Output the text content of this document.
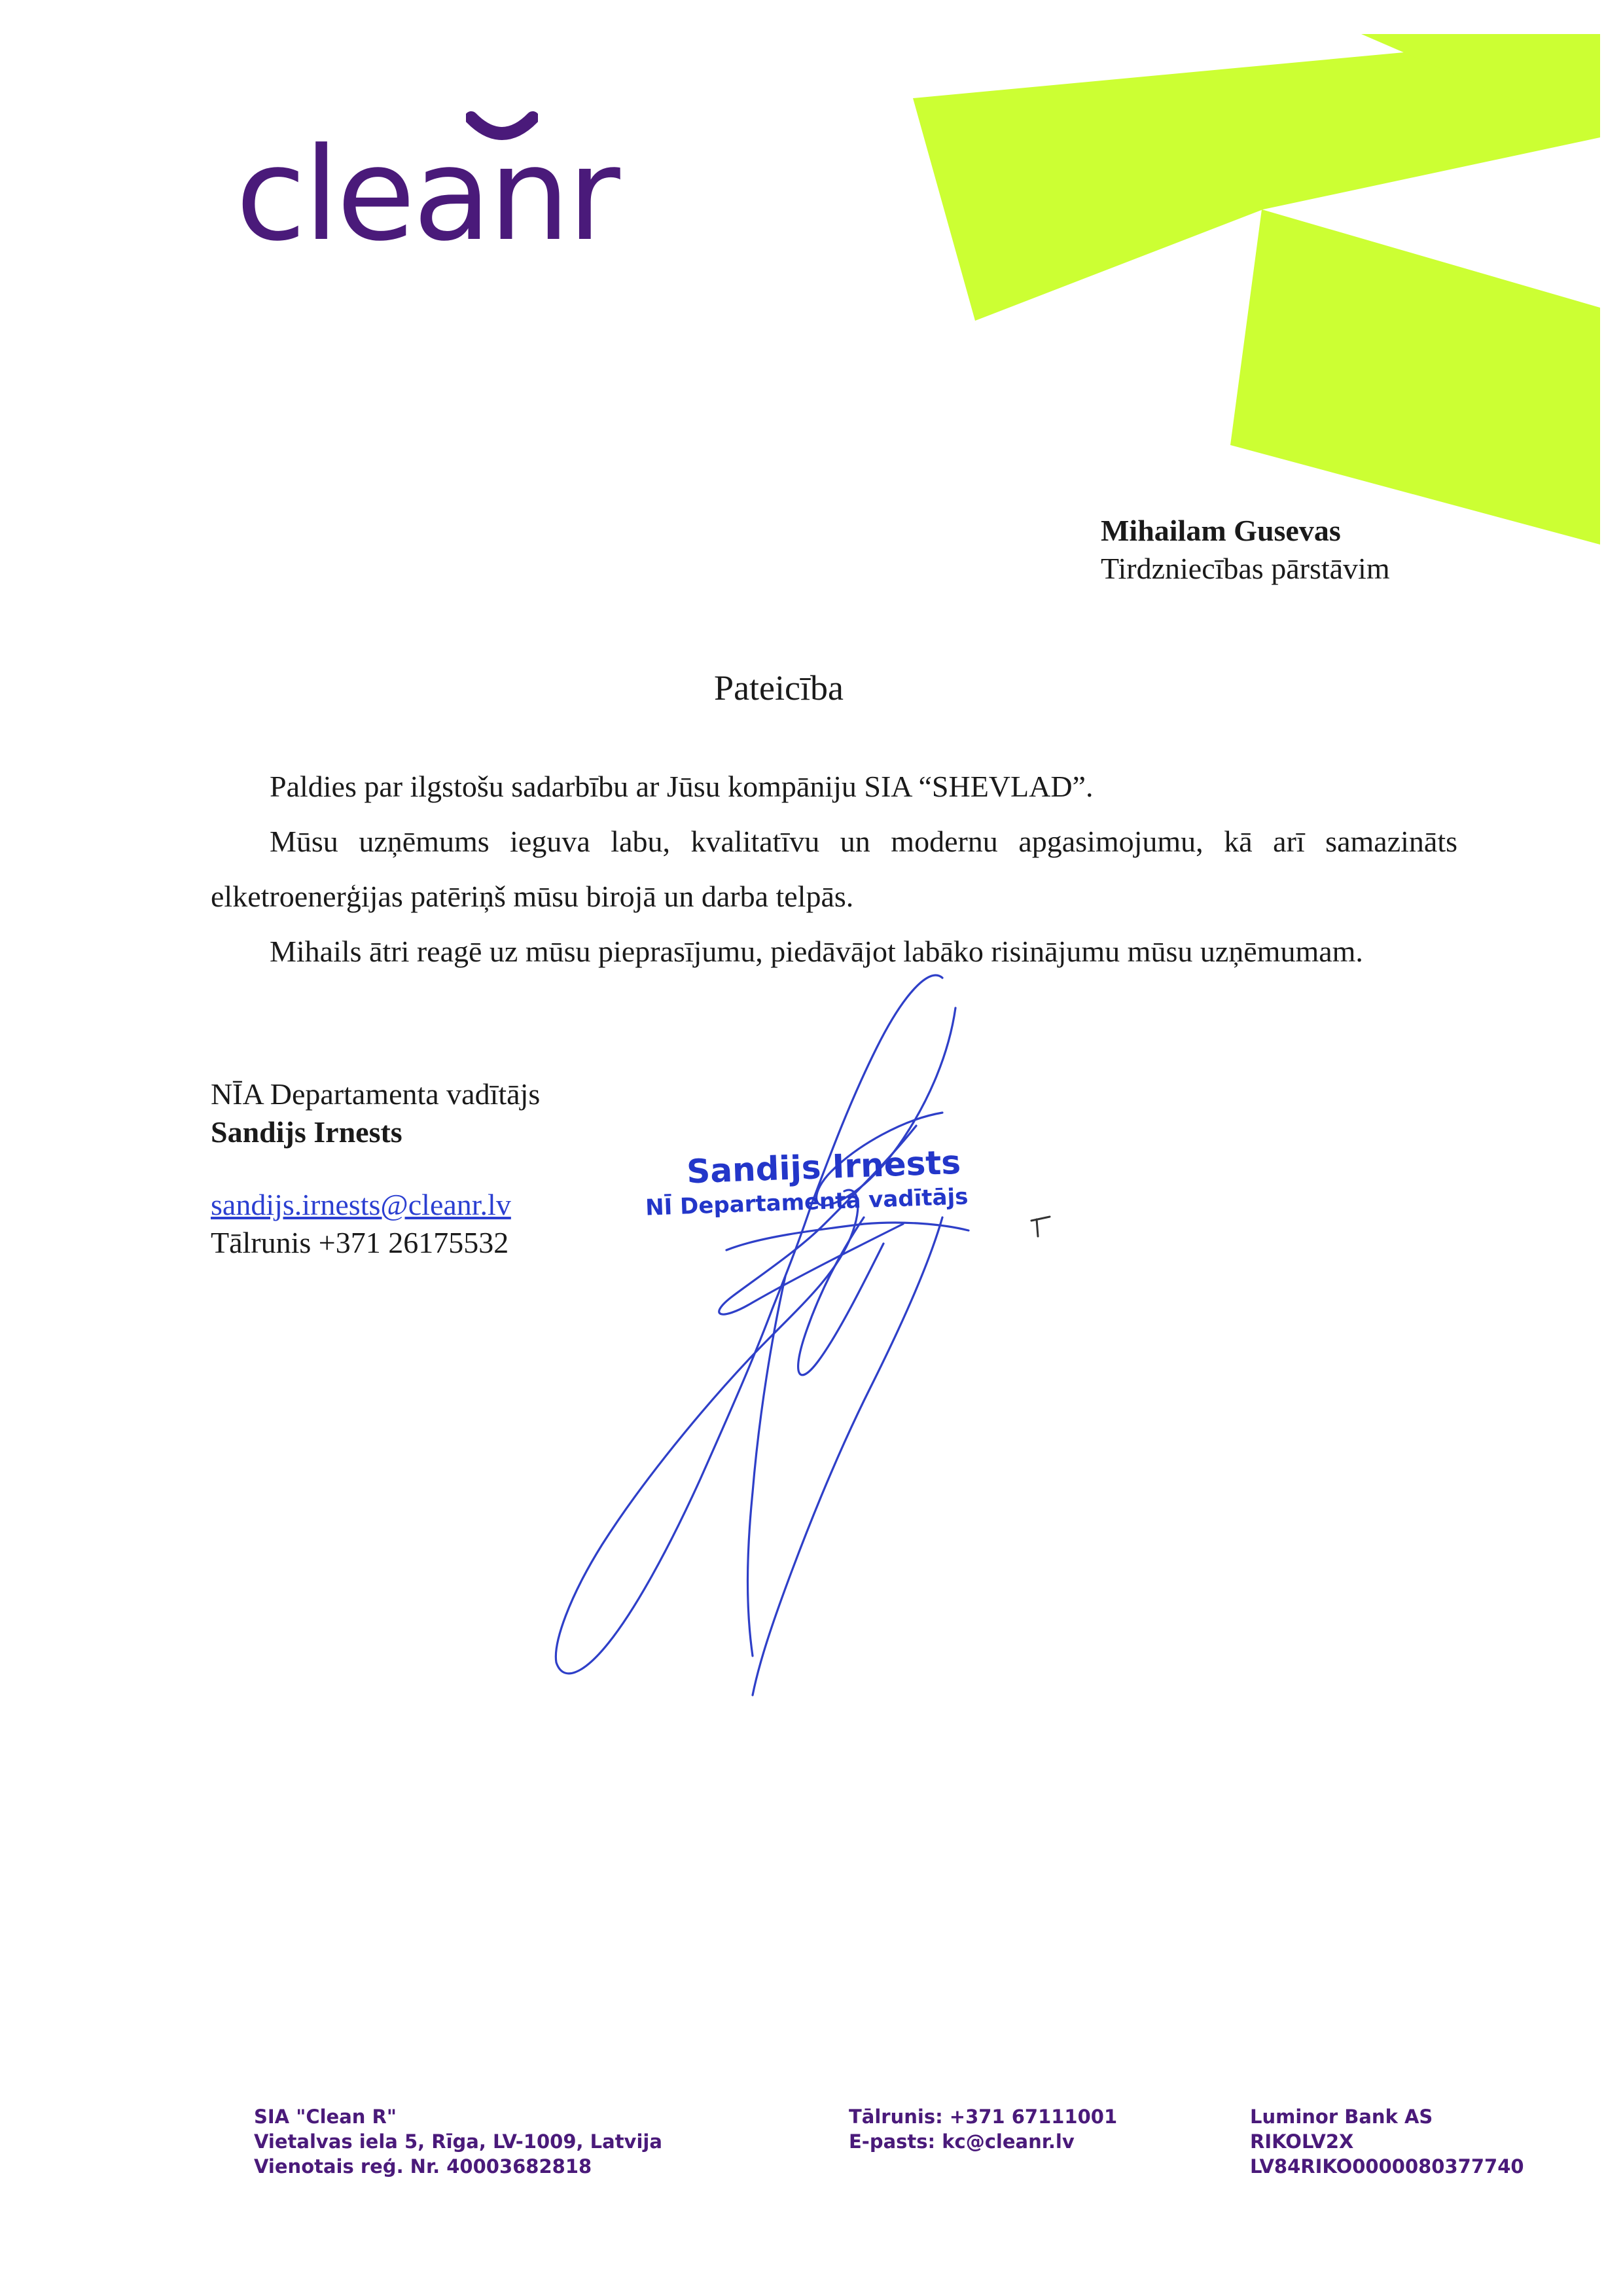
cleanr
Mihailam Gusevas
Tirdzniecības pārstāvim
Pateicība

Paldies par ilgstošu sadarbību ar Jūsu kompāniju SIA “SHEVLAD”.

Mūsu uzņēmums ieguva labu, kvalitatīvu un modernu apgasimojumu, kā arī samazināts elketroenerģijas patēriņš mūsu birojā un darba telpās.

Mihails ātri reagē uz mūsu pieprasījumu, piedāvājot labāko risinājumu mūsu uzņēmumam.

NĪA Departamenta vadītājs
Sandijs Irnests
sandijs.irnests@cleanr.lv
Tālrunis +371 26175532
Sandijs Irnests
NĪ Departamenta vadītājs
SIA "Clean R"
Vietalvas iela 5, Rīga, LV-1009, Latvija
Vienotais reģ. Nr. 40003682818
Tālrunis: +371 67111001
E-pasts: kc@cleanr.lv
Luminor Bank AS
RIKOLV2X
LV84RIKO0000080377740
